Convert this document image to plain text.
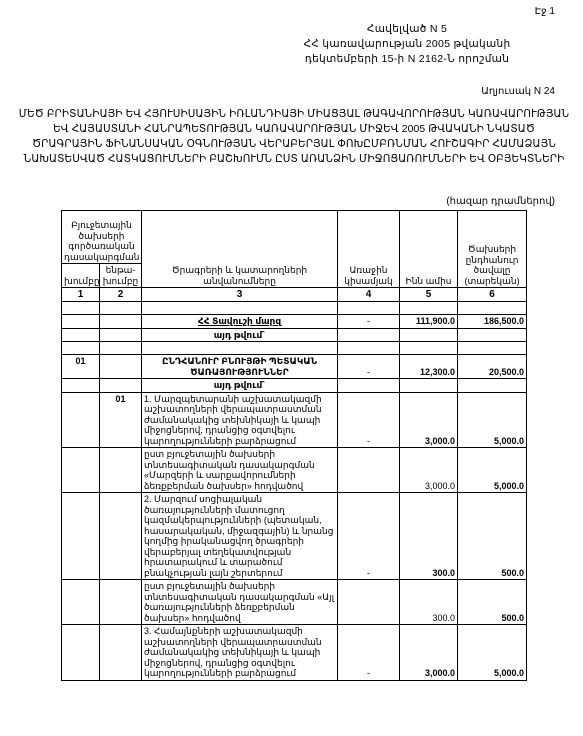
Էջ 1
Հավելված N 5
ՀՀ կառավարության 2005 թվականի
դեկտեմբերի 15-ի N 2162-Ն որոշման
Աղյուսակ N 24
ՄԵԾ ԲՐԻՏԱՆԻԱՅԻ ԵՎ ՀՅՈՒՍԻՍԱՅԻՆ ԻՌԼԱՆԴԻԱՅԻ ՄԻԱՑՅԱԼ ԹԱԳԱՎՈՐՈՒԹՅԱՆ ԿԱՌԱՎԱՐՈՒԹՅԱՆ
ԵՎ ՀԱՅԱՍՏԱՆԻ ՀԱՆՐԱՊԵՏՈՒԹՅԱՆ ԿԱՌԱՎԱՐՈՒԹՅԱՆ ՄԻՋԵՎ 2005 ԹՎԱԿԱՆԻ ՆԿԱՏԱԾ
ԾՐԱԳՐԱՅԻՆ ՖԻՆԱՆՍԱԿԱՆ ՕԳՆՈՒԹՅԱՆ ՎԵՐԱԲԵՐՅԱԼ ՓՈԽԸՄԲՌՆՄԱՆ ՀՈՒՇԱԳԻՐ ՀԱՄԱՁԱՅՆ
ՆԱԽԱՏԵՍՎԱԾ ՀԱՏԿԱՑՈՒՄՆԵՐԻ ԲԱՇԽՈՒՄՆ ԸՍՏ ԱՌԱՆՁԻՆ ՄԻՋՈՑԱՌՈՒՄՆԵՐԻ ԵՎ ՕԲՅԵԿՏՆԵՐԻ
(հազար դրամներով)
Բյուջետային ծախսերի գործառական դասակարգման		Ծրագրերի և կատարողների անվանումները	Առաջին կիսամյակ	Ինն ամիս	Ծախսերի ընդհանուր ծավալը (տարեկան)
խումբը	ենթա-խումբը				
1	2	3	4	5	6

		ՀՀ Տավուշի մարզ	-	111,900.0	186,500.0
		այդ թվում`			

01		ԸՆԴՀԱՆՈՒՐ ԲՆՈՒՅԹԻ ՊԵՏԱԿԱՆ ԾԱՌԱՅՈՒԹՅՈՒՆՆԵՐ	-	12,300.0	20,500.0
		այդ թվում`			
	01	1. Մարզպետարանի աշխատակազմի աշխատողների վերապատրաստման ժամանակակից տեխնիկայի և կապի միջոցներով, դրանցից օգտվելու կարողությունների բարձրացում	-	3,000.0	5,000.0
		ըստ բյուջետային ծախսերի տնտեսագիտական դասակարգման «Մարզերի և սարքավորումների ձեռքբերման ծախսեր» հոդվածով		3,000.0	5,000.0
		2. Մարզում սոցիալական ծառայությունների մատուցող կազմակերպությունների (պետական, հասարակական, միջազգային) և նրանց կողմից իրականացվող ծրագրերի վերաբերյալ տեղեկատվության հրատարակում և տարածում բնակչության լայն շերտերում	-	300.0	500.0
		ըստ բյուջետային ծախսերի տնտեսագիտական դասակարգման «Այլ ծառայությունների ձեռքբերման ծախսեր» հոդվածով		300.0	500.0
		3. Համայնքների աշխատակազմի աշխատողների վերապատրաստման ժամանակակից տեխնիկայի և կապի միջոցներով, դրանցից օգտվելու կարողությունների բարձրացում	-	3,000.0	5,000.0
